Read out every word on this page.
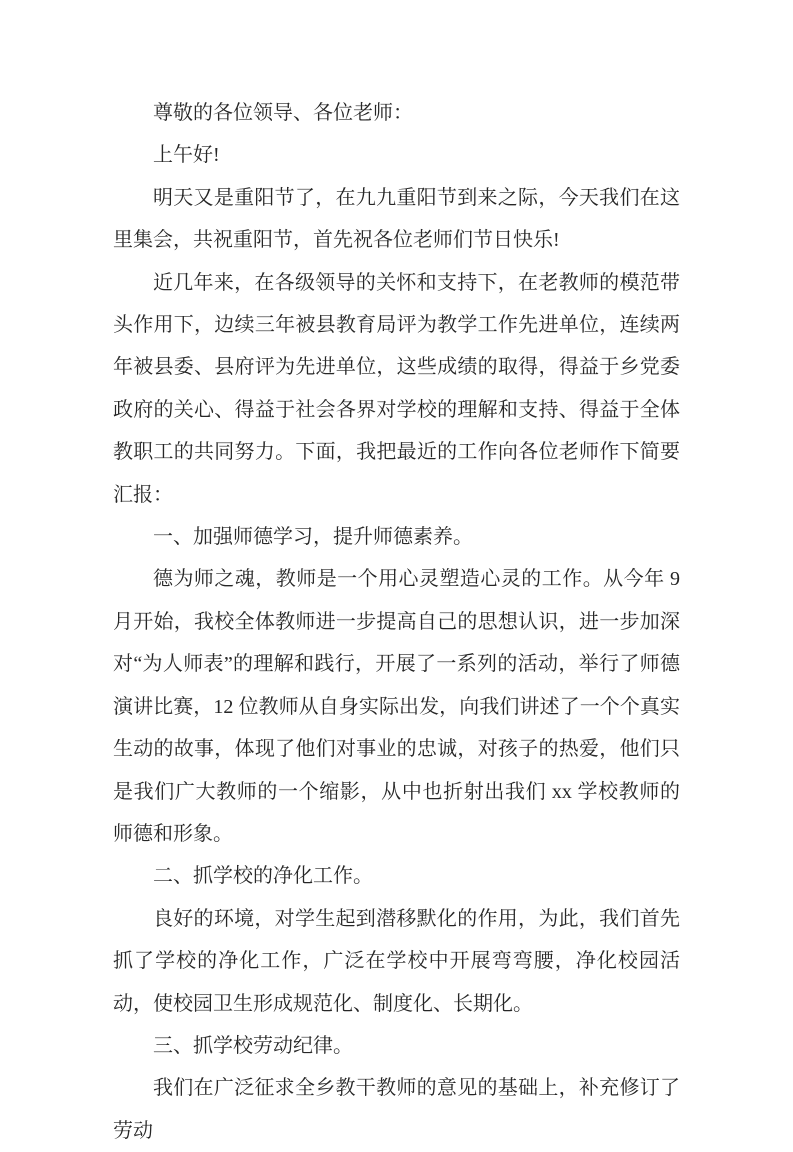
尊敬的各位领导、各位老师：

上午好!

明天又是重阳节了，在九九重阳节到来之际，今天我们在这里集会，共祝重阳节，首先祝各位老师们节日快乐!

近几年来，在各级领导的关怀和支持下，在老教师的模范带头作用下，边续三年被县教育局评为教学工作先进单位，连续两年被县委、县府评为先进单位，这些成绩的取得，得益于乡党委政府的关心、得益于社会各界对学校的理解和支持、得益于全体教职工的共同努力。下面，我把最近的工作向各位老师作下简要汇报：

一、加强师德学习，提升师德素养。

德为师之魂，教师是一个用心灵塑造心灵的工作。从今年 9 月开始，我校全体教师进一步提高自己的思想认识，进一步加深对“为人师表”的理解和践行，开展了一系列的活动，举行了师德演讲比赛，12 位教师从自身实际出发，向我们讲述了一个个真实生动的故事，体现了他们对事业的忠诚，对孩子的热爱，他们只是我们广大教师的一个缩影，从中也折射出我们 xx 学校教师的师德和形象。

二、抓学校的净化工作。

良好的环境，对学生起到潜移默化的作用，为此，我们首先抓了学校的净化工作，广泛在学校中开展弯弯腰，净化校园活动，使校园卫生形成规范化、制度化、长期化。

三、抓学校劳动纪律。

我们在广泛征求全乡教干教师的意见的基础上，补充修订了劳动
